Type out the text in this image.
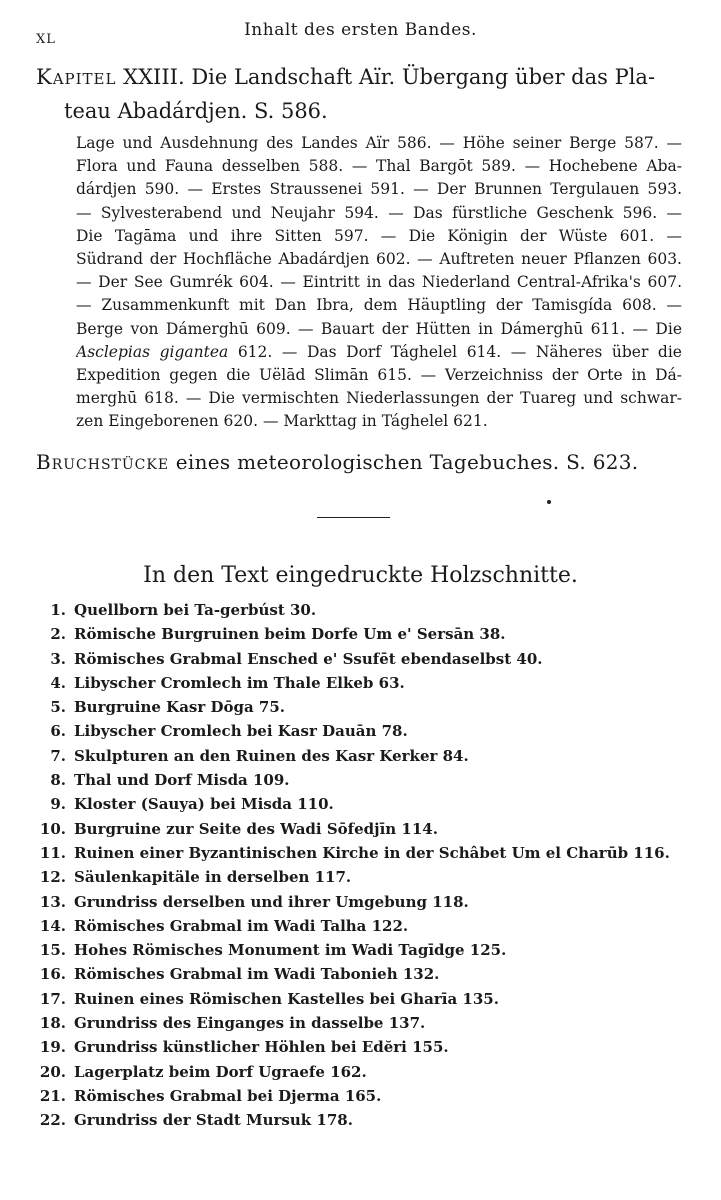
XL	Inhalt des ersten Bandes.
Kapitel XXIII. Die Landschaft Aïr. Übergang über das Pla-
teau Abadárdjen. S. 586.
Lage und Ausdehnung des Landes Aïr 586. — Höhe seiner Berge 587. —
Flora und Fauna desselben 588. — Thal Bargōt 589. — Hochebene Aba-
dárdjen 590. — Erstes Straussenei 591. — Der Brunnen Tergulauen 593.
— Sylvesterabend und Neujahr 594. — Das fürstliche Geschenk 596. —
Die Tagāma und ihre Sitten 597. — Die Königin der Wüste 601. —
Südrand der Hochfläche Abadárdjen 602. — Auftreten neuer Pflanzen 603.
— Der See Gumrék 604. — Eintritt in das Niederland Central-Afrika's 607.
— Zusammenkunft mit Dan Ibra, dem Häuptling der Tamisgída 608. —
Berge von Dámerghū 609. — Bauart der Hütten in Dámerghū 611. — Die
Asclepias gigantea 612. — Das Dorf Tághelel 614. — Näheres über die
Expedition gegen die Uëlād Slimān 615. — Verzeichniss der Orte in Dá-
merghū 618. — Die vermischten Niederlassungen der Tuareg und schwar-
zen Eingeborenen 620. — Markttag in Tághelel 621.
Bruchstücke eines meteorologischen Tagebuches. S. 623.
In den Text eingedruckte Holzschnitte.
1. Quellborn bei Ta-gerbúst 30.
2. Römische Burgruinen beim Dorfe Um e' Sersān 38.
3. Römisches Grabmal Ensched e' Ssufēt ebendaselbst 40.
4. Libyscher Cromlech im Thale Elkeb 63.
5. Burgruine Kasr Dōga 75.
6. Libyscher Cromlech bei Kasr Dauān 78.
7. Skulpturen an den Ruinen des Kasr Kerker 84.
8. Thal und Dorf Misda 109.
9. Kloster (Sauya) bei Misda 110.
10. Burgruine zur Seite des Wadi Sōfedjīn 114.
11. Ruinen einer Byzantinischen Kirche in der Schâbet Um el Charūb 116.
12. Säulenkapitäle in derselben 117.
13. Grundriss derselben und ihrer Umgebung 118.
14. Römisches Grabmal im Wadi Talha 122.
15. Hohes Römisches Monument im Wadi Tagīdge 125.
16. Römisches Grabmal im Wadi Tabonieh 132.
17. Ruinen eines Römischen Kastelles bei Gharīa 135.
18. Grundriss des Einganges in dasselbe 137.
19. Grundriss künstlicher Höhlen bei Edĕri 155.
20. Lagerplatz beim Dorf Ugraefe 162.
21. Römisches Grabmal bei Djerma 165.
22. Grundriss der Stadt Mursuk 178.
